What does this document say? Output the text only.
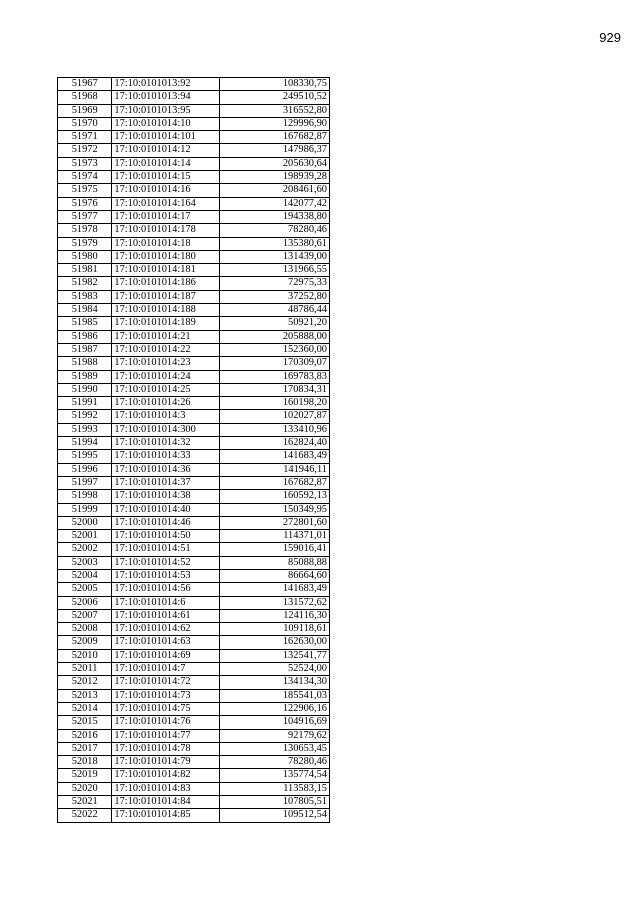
929
51967	17:10:0101013:92	108330,75
51968	17:10:0101013:94	249510,52
51969	17:10:0101013:95	316552,80
51970	17:10:0101014:10	129996,90
51971	17:10:0101014:101	167682,87
51972	17:10:0101014:12	147986,37
51973	17:10:0101014:14	205630,64
51974	17:10:0101014:15	198939,28
51975	17:10:0101014:16	208461,60
51976	17:10:0101014:164	142077,42
51977	17:10:0101014:17	194338,80
51978	17:10:0101014:178	78280,46
51979	17:10:0101014:18	135380,61
51980	17:10:0101014:180	131439,00
51981	17:10:0101014:181	131966,55
51982	17:10:0101014:186	72975,33
51983	17:10:0101014:187	37252,80
51984	17:10:0101014:188	48786,44
51985	17:10:0101014:189	50921,20
51986	17:10:0101014:21	205888,00
51987	17:10:0101014:22	152360,00
51988	17:10:0101014:23	170309,07
51989	17:10:0101014:24	169783,83
51990	17:10:0101014:25	170834,31
51991	17:10:0101014:26	160198,20
51992	17:10:0101014:3	102027,87
51993	17:10:0101014:300	133410,96
51994	17:10:0101014:32	162824,40
51995	17:10:0101014:33	141683,49
51996	17:10:0101014:36	141946,11
51997	17:10:0101014:37	167682,87
51998	17:10:0101014:38	160592,13
51999	17:10:0101014:40	150349,95
52000	17:10:0101014:46	272801,60
52001	17:10:0101014:50	114371,01
52002	17:10:0101014:51	159016,41
52003	17:10:0101014:52	85088,88
52004	17:10:0101014:53	86664,60
52005	17:10:0101014:56	141683,49
52006	17:10:0101014:6	131572,62
52007	17:10:0101014:61	124116,30
52008	17:10:0101014:62	109118,61
52009	17:10:0101014:63	162630,00
52010	17:10:0101014:69	132541,77
52011	17:10:0101014:7	52524,00
52012	17:10:0101014:72	134134,30
52013	17:10:0101014:73	185541,03
52014	17:10:0101014:75	122906,16
52015	17:10:0101014:76	104916,69
52016	17:10:0101014:77	92179,62
52017	17:10:0101014:78	130653,45
52018	17:10:0101014:79	78280,46
52019	17:10:0101014:82	135774,54
52020	17:10:0101014:83	113583,15
52021	17:10:0101014:84	107805,51
52022	17:10:0101014:85	109512,54
